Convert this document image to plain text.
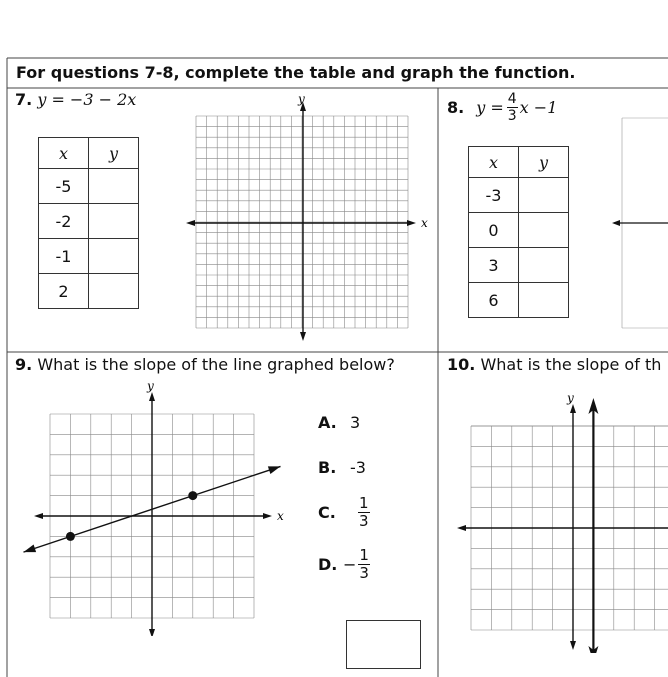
For questions 7-8, complete the table and graph the function.
7. y = −3 − 2x
x	y
-5	
-2	
-1	
2	
x
y	8. $y = \frac{4}{3}$ x −1
x	y
-3	
0	
3	
6	
9. What is the slope of the line graphed below?
x
y
A. 3
B. -3
C.	$\frac{1}{3}$
D. − $\frac{1}{3}$
10. What is the slope of th
y
